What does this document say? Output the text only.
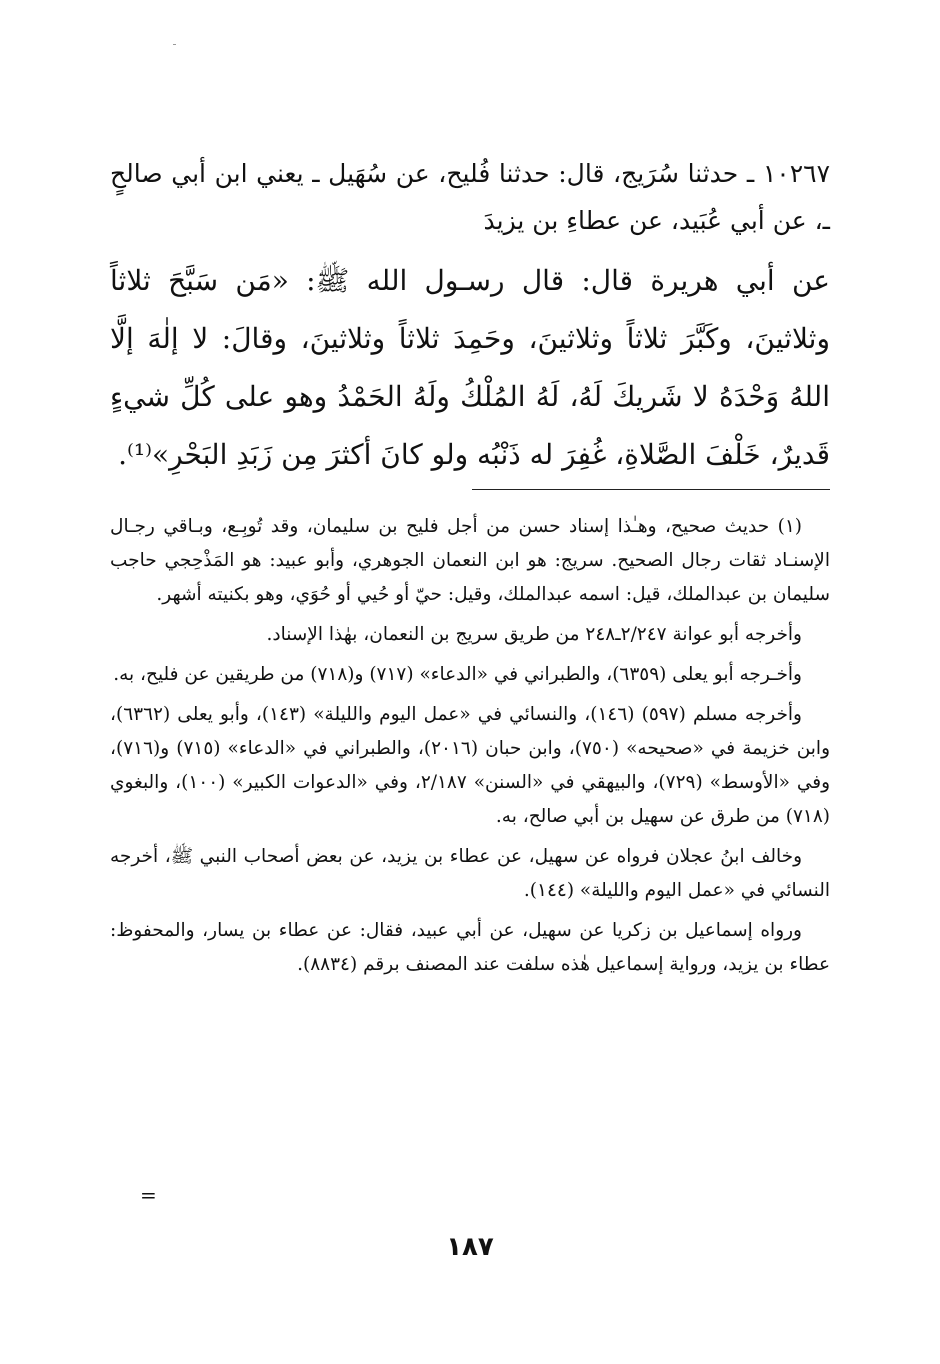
١٠٢٦٧ ـ حدثنا سُرَيج، قال: حدثنا فُليح، عن سُهَيل ـ يعني ابن أبي صالحٍ ـ، عن أبي عُبَيد، عن عطاءِ بن يزيدَ
عن أبي هريرة قال: قال رسـول الله ﷺ: «مَن سَبَّحَ ثلاثاً وثلاثينَ، وكَبَّرَ ثلاثاً وثلاثينَ، وحَمِدَ ثلاثاً وثلاثينَ، وقالَ: لا إلٰهَ إلَّا اللهُ وَحْدَهُ لا شَريكَ لَهُ، لَهُ المُلْكُ ولَهُ الحَمْدُ وهو على كُلِّ شيءٍ قَديرٌ، خَلْفَ الصَّلاةِ، غُفِرَ له ذَنْبُه ولو كانَ أكثرَ مِن زَبَدِ البَحْرِ»⁽¹⁾.

(١) حديث صحيح، وهـٰذا إسناد حسن من أجل فليح بن سليمان، وقد تُوبِـع، وبـاقي رجـال الإسنـاد ثقات رجال الصحيح. سريج: هو ابن النعمان الجوهري، وأبو عبيد: هو المَذْحِجي حاجب سليمان بن عبدالملك، قيل: اسمه عبدالملك، وقيل: حيّ أو حُيي أو حُوَي، وهو بكنيته أشهر.

وأخرجه أبو عوانة ٢/٢٤٧ـ٢٤٨ من طريق سريج بن النعمان، بهٰذا الإسناد.

وأخـرجه أبو يعلى (٦٣٥٩)، والطبراني في «الدعاء» (٧١٧) و(٧١٨) من طريقين عن فليح، به.

وأخرجه مسلم (٥٩٧) (١٤٦)، والنسائي في «عمل اليوم والليلة» (١٤٣)، وأبو يعلى (٦٣٦٢)، وابن خزيمة في «صحيحه» (٧٥٠)، وابن حبان (٢٠١٦)، والطبراني في «الدعاء» (٧١٥) و(٧١٦)، وفي «الأوسط» (٧٢٩)، والبيهقي في «السنن» ٢/١٨٧، وفي «الدعوات الكبير» (١٠٠)، والبغوي (٧١٨) من طرق عن سهيل بن أبي صالح، به.

وخالف ابنُ عجلان فرواه عن سهيل، عن عطاء بن يزيد، عن بعض أصحاب النبي ﷺ، أخرجه النسائي في «عمل اليوم والليلة» (١٤٤).

ورواه إسماعيل بن زكريا عن سهيل، عن أبي عبيد، فقال: عن عطاء بن يسار، والمحفوظ: عطاء بن يزيد، ورواية إسماعيل هٰذه سلفت عند المصنف برقم (٨٨٣٤).

=
١٨٧
